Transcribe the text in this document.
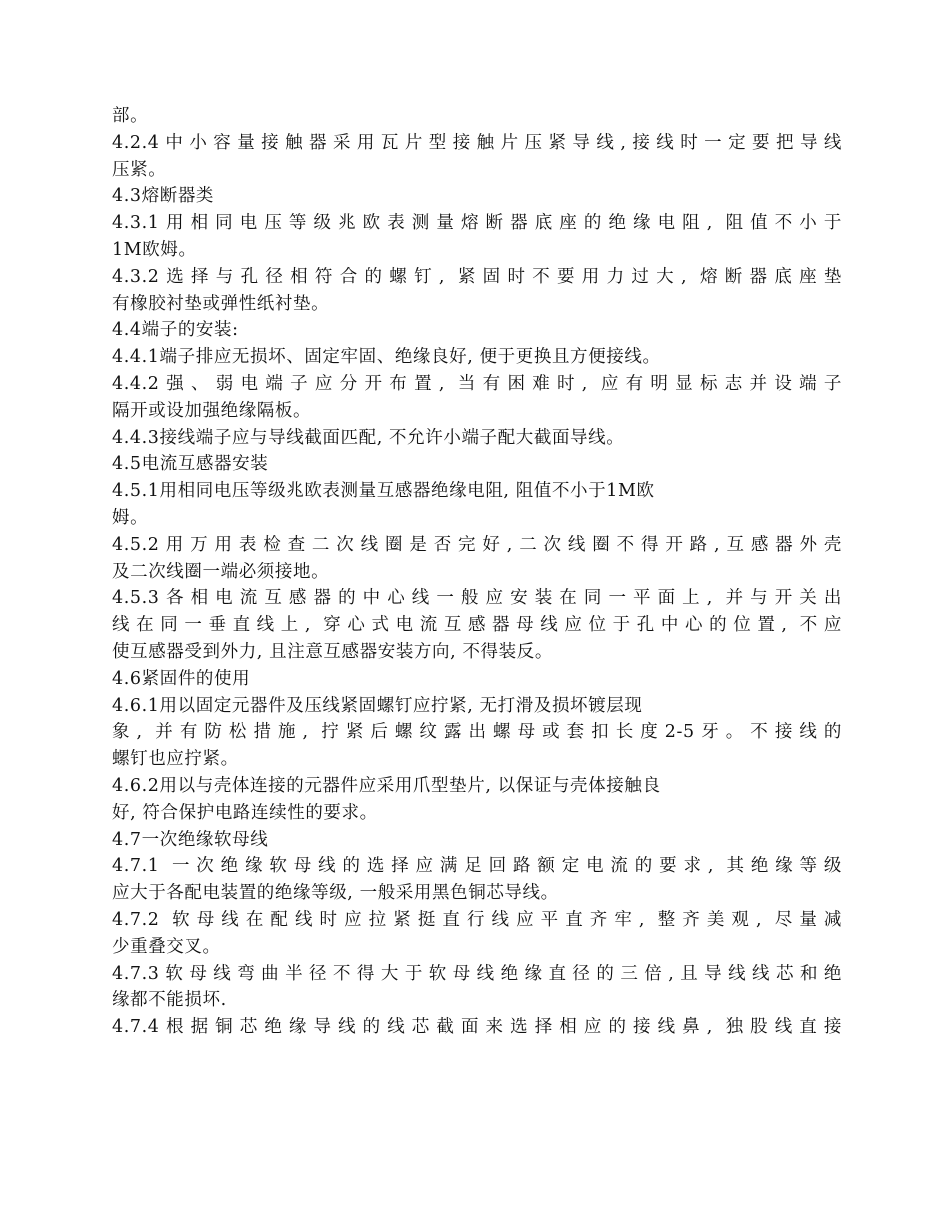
部。
4.2.4中小容量接触器采用瓦片型接触片压紧导线,接线时一定要把导线
压紧。
4.3熔断器类
4.3.1用相同电压等级兆欧表测量熔断器底座的绝缘电阻, 阻值不小于
1M欧姆。
4.3.2选择与孔径相符合的螺钉, 紧固时不要用力过大, 熔断器底座垫
有橡胶衬垫或弹性纸衬垫。
4.4端子的安装:
4.4.1端子排应无损坏、固定牢固、绝缘良好, 便于更换且方便接线。
4.4.2强、弱电端子应分开布置, 当有困难时, 应有明显标志并设端子
隔开或设加强绝缘隔板。
4.4.3接线端子应与导线截面匹配, 不允许小端子配大截面导线。
4.5电流互感器安装
4.5.1用相同电压等级兆欧表测量互感器绝缘电阻, 阻值不小于1M欧
姆。
4.5.2用万用表检查二次线圈是否完好,二次线圈不得开路,互感器外壳
及二次线圈一端必须接地。
4.5.3各相电流互感器的中心线一般应安装在同一平面上, 并与开关出
线在同一垂直线上, 穿心式电流互感器母线应位于孔中心的位置, 不应
使互感器受到外力, 且注意互感器安装方向, 不得装反。
4.6紧固件的使用
4.6.1用以固定元器件及压线紧固螺钉应拧紧, 无打滑及损坏镀层现
象, 并有防松措施, 拧紧后螺纹露出螺母或套扣长度2-5牙。不接线的
螺钉也应拧紧。
4.6.2用以与壳体连接的元器件应采用爪型垫片, 以保证与壳体接触良
好, 符合保护电路连续性的要求。
4.7一次绝缘软母线
4.7.1 一次绝缘软母线的选择应满足回路额定电流的要求, 其绝缘等级
应大于各配电装置的绝缘等级, 一般采用黑色铜芯导线。
4.7.2 软母线在配线时应拉紧挺直行线应平直齐牢, 整齐美观, 尽量减
少重叠交叉。
4.7.3软母线弯曲半径不得大于软母线绝缘直径的三倍,且导线线芯和绝
缘都不能损坏.
4.7.4根据铜芯绝缘导线的线芯截面来选择相应的接线鼻, 独股线直接
